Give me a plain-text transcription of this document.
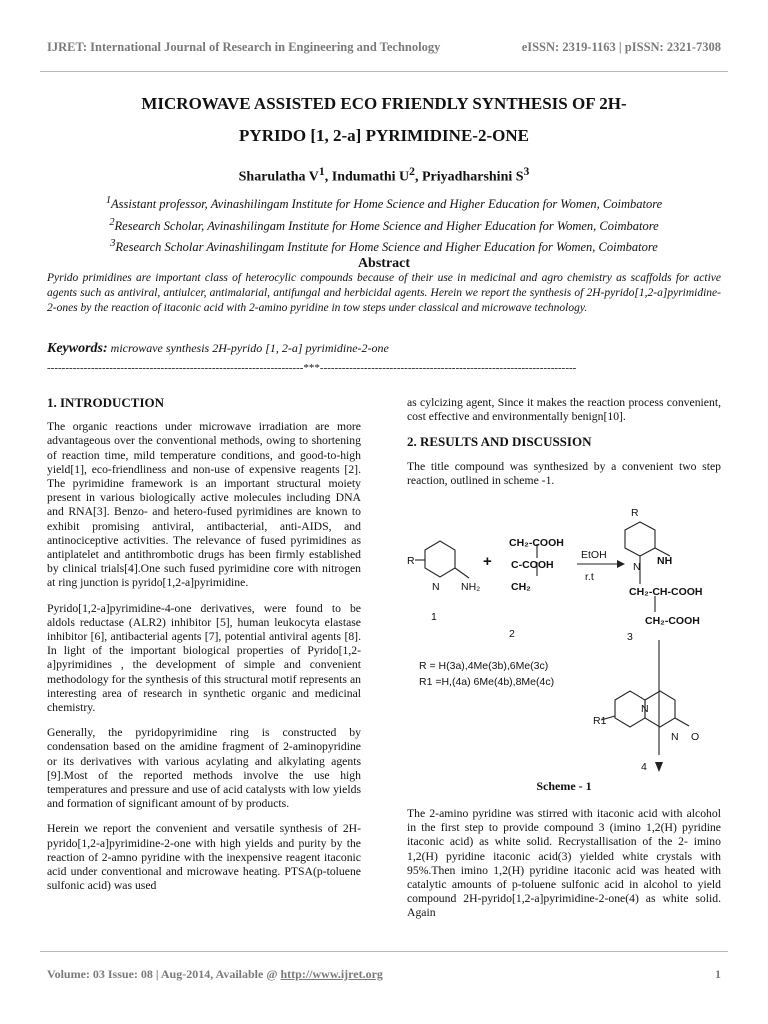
IJRET: International Journal of Research in Engineering and Technology	eISSN: 2319-1163 | pISSN: 2321-7308
MICROWAVE ASSISTED ECO FRIENDLY SYNTHESIS OF 2H-
PYRIDO [1, 2-a] PYRIMIDINE-2-ONE
Sharulatha $V^1$, Indumathi $U^2$, Priyadharshini $S^3$
$^1$Assistant professor, Avinashilingam Institute for Home Science and Higher Education for Women, Coimbatore
$^2$Research Scholar, Avinashilingam Institute for Home Science and Higher Education for Women, Coimbatore
$^3$Research Scholar Avinashilingam Institute for Home Science and Higher Education for Women, Coimbatore
Abstract
Pyrido primidines are important class of heterocylic compounds because of their use in medicinal and agro chemistry as scaffolds for active agents such as antiviral, antiulcer, antimalarial, antifungal and herbicidal agents. Herein we report the synthesis of 2H-pyrido[1,2-a]pyrimidine-2-ones by the reaction of itaconic acid with 2-amino pyridine in tow steps under classical and microwave technology.
Keywords: microwave synthesis 2H-pyrido [1, 2-a] pyrimidine-2-one
----------------------------------------------------------------------***----------------------------------------------------------------------
1. INTRODUCTION

The organic reactions under microwave irradiation are more advantageous over the conventional methods, owing to shortening of reaction time, mild temperature conditions, and good-to-high yield[1], eco-friendliness and non-use of expensive reagents [2]. The pyrimidine framework is an important structural moiety present in various biologically active molecules including DNA and RNA[3]. Benzo- and hetero-fused pyrimidines are known to exhibit promising antiviral, antibacterial, anti-AIDS, and antinociceptive activities. The relevance of fused pyrimidines as antiplatelet and antithrombotic drugs has been firmly established by clinical trials[4].One such fused pyrimidine core with nitrogen at ring junction is pyrido[1,2-a]pyrimidine.

Pyrido[1,2-a]pyrimidine-4-one derivatives, were found to be aldols reductase (ALR2) inhibitor [5], human leukocyta elastase inhibitor [6], antibacterial agents [7], potential antiviral agents [8]. In light of the important biological properties of Pyrido[1,2-a]pyrimidines , the development of simple and convenient methodology for the synthesis of this structural motif represents an interesting area of research in synthetic organic and medicinal chemistry.

Generally, the pyridopyrimidine ring is constructed by condensation based on the amidine fragment of 2-aminopyridine or its derivatives with various acylating and alkylating agents [9].Most of the reported methods involve the use high temperatures and pressure and use of acid catalysts with low yields and formation of significant amount of by products.

Herein we report the convenient and versatile synthesis of 2H-pyrido[1,2-a]pyrimidine-2-one with high yields and purity by the reaction of 2-amno pyridine with the inexpensive reagent itaconic acid under conventional and microwave heating. PTSA(p-toluene sulfonic acid) was used

as cylcizing agent, Since it makes the reaction process convenient, cost effective and environmentally benign[10].

2. RESULTS AND DISCUSSION

The title compound was synthesized by a convenient two step reaction, outlined in scheme -1.

R
N NH₂
1
+
CH₂-COOH
C-COOH
CH₂
2
EtOH
r.t
R
NH
N
CH₂-CH-COOH
CH₂-COOH
3
R = H(3a),4Me(3b),6Me(3c)
R1 =H,(4a) 6Me(4b),8Me(4c)
R1
N
N O
4
Scheme - 1

The 2-amino pyridine was stirred with itaconic acid with alcohol in the first step to provide compound 3 (imino 1,2(H) pyridine itaconic acid) as white solid. Recrystallisation of the 2- imino 1,2(H) pyridine itaconic acid(3) yielded white crystals with 95%.Then imino 1,2(H) pyridine itaconic acid was heated with catalytic amounts of p-toluene sulfonic acid in alcohol to yield compound 2H-pyrido[1,2-a]pyrimidine-2-one(4) as white solid. Again

Volume: 03 Issue: 08 | Aug-2014, Available @ http://www.ijret.org	1
